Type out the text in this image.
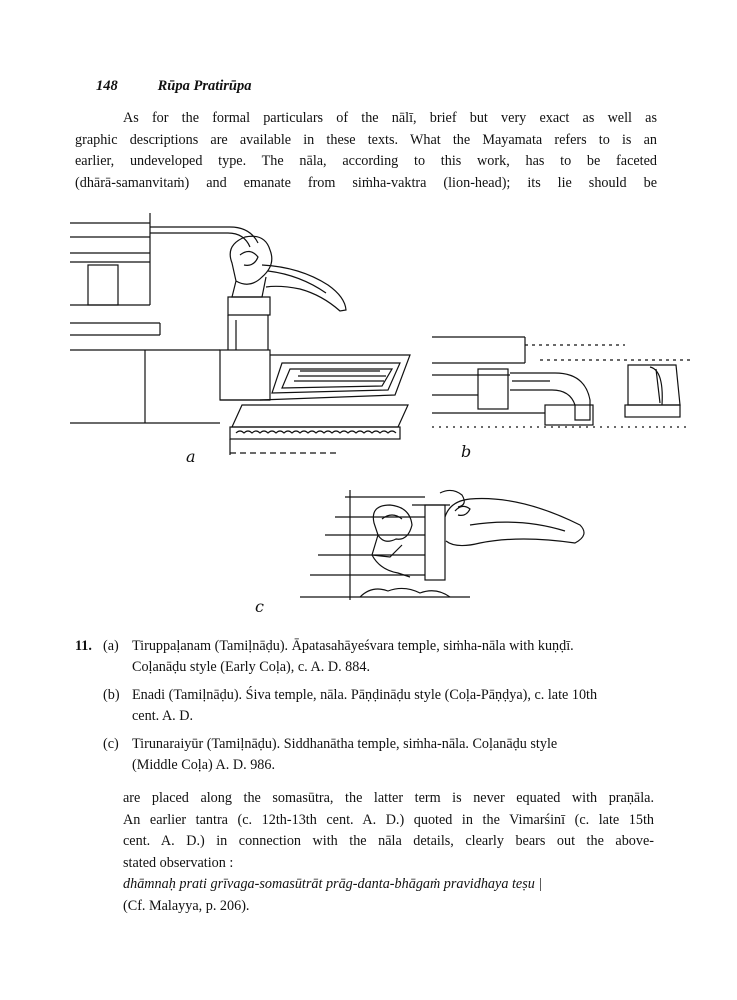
148	Rūpa Pratirūpa

As for the formal particulars of the nālī, brief but very exact as well as
graphic descriptions are available in these texts. What the Mayamata refers to is an
earlier, undeveloped type. The nāla, according to this work, has to be faceted
(dhārā-samanvitaṁ) and emanate from siṁha-vaktra (lion-head); its lie should be

a	b
c
11. (a) Tiruppaḷanam (Tamiḷnāḍu). Āpatasahāyeśvara temple, siṁha-nāla with kuṇḍī.
Coḷanāḍu style (Early Coḷa), c. A. D. 884.
(b) Enadi (Tamiḷnāḍu). Śiva temple, nāla. Pāṇḍināḍu style (Coḷa-Pāṇḍya), c. late 10th
cent. A. D.
(c) Tirunaraiyūr (Tamiḷnāḍu). Siddhanātha temple, siṁha-nāla. Coḷanāḍu style
(Middle Coḷa) A. D. 986.

are placed along the somasūtra, the latter term is never equated with praṇāla.
An earlier tantra (c. 12th-13th cent. A. D.) quoted in the Vimarśinī (c. late 15th
cent. A. D.) in connection with the nāla details, clearly bears out the above-
stated observation :
dhāmnaḥ prati grīvaga-somasūtrāt prāg-danta-bhāgaṁ pravidhaya teṣu |
(Cf. Malayya, p. 206).
